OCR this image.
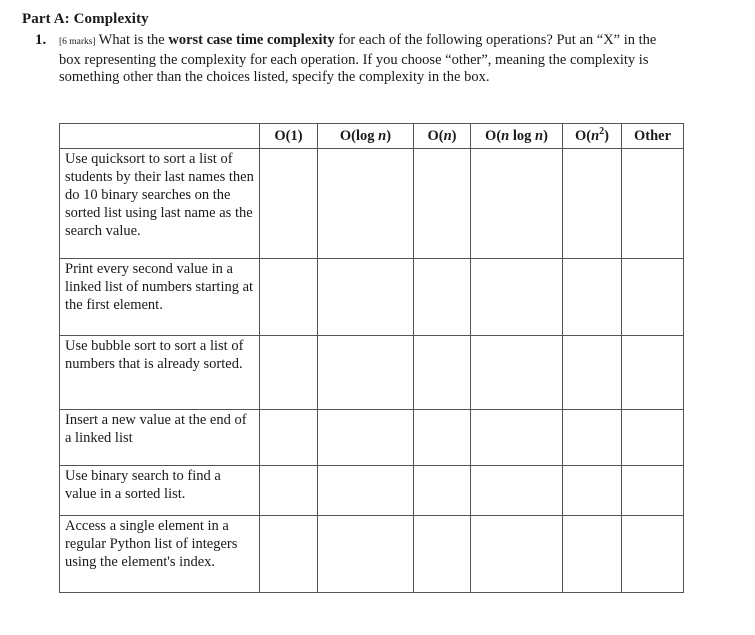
Part A: Complexity
1. [6 marks] What is the worst case time complexity for each of the following operations? Put an “X” in the
box representing the complexity for each operation. If you choose “other”, meaning the complexity is
something other than the choices listed, specify the complexity in the box.
	O(1)	O(log n)	O(n)	O(n log n)	$O(n^2)$	Other
Use quicksort to sort a list of students by their last names then do 10 binary searches on the sorted list using last name as the search value.						
Print every second value in a linked list of numbers starting at the first element.						
Use bubble sort to sort a list of numbers that is already sorted.						
Insert a new value at the end of a linked list						
Use binary search to find a value in a sorted list.						
Access a single element in a regular Python list of integers using the element's index.						
